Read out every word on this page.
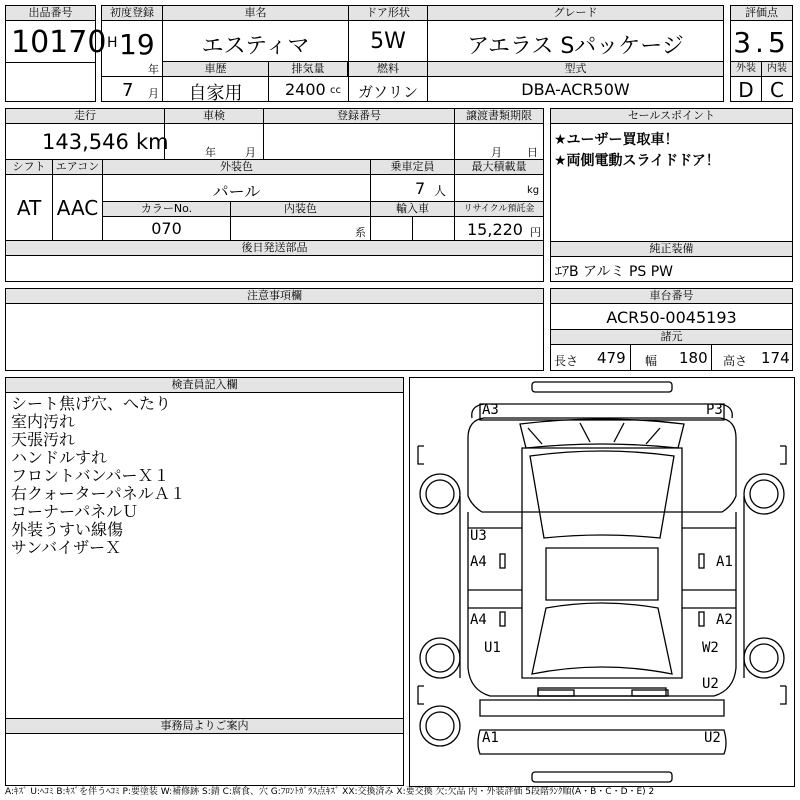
出品番号
10170
初度登録
H 19
年
7 月
車名
エスティマ
ドア形状
5W
グレード
アエラス Sパッケージ
評価点
3.5
車歴
自家用
排気量
2400 cc
燃料
ガソリン
型式
DBA-ACR50W
外装	内装
D C
走行
143,546 km
車検
年	月
登録番号	譲渡書類期限
月 日
シフト
AT
エアコン
AAC
外装色
パール
乗車定員
7 人
最大積載量
kg
カラーNo.
070
内装色
系
輸入車	リサイクル預託金
15,220 円
後日発送部品
セールスポイント
★ユーザー買取車！
★両側電動スライドドア！
純正装備
ｴｱB アルミ PS PW
注意事項欄	車台番号
ACR50-0045193
諸元
長さ 479 幅 180 高さ 174
検査員記入欄
シート焦げ穴、へたり
室内汚れ
天張汚れ
ハンドルすれ
フロントバンパーＸ１
右クォーターパネルＡ１
コーナーパネルＵ
外装うすい線傷
サンバイザーＸ
事務局よりご案内
A3	P3
U3
A4	A1
A4	A2
U1	W2
U2
A1	U2
A:ｷｽﾞ U:ﾍｺﾐ B:ｷｽﾞを伴うﾍｺﾐ P:要塗装 W:補修跡 S:錆 C:腐食、穴 G:ﾌﾛﾝﾄｶﾞﾗｽ点ｷｽﾞ XX:交換済み X:要交換 欠:欠品 内・外装評価 5段階ﾗﾝｸ順(A・B・C・D・E) 2
